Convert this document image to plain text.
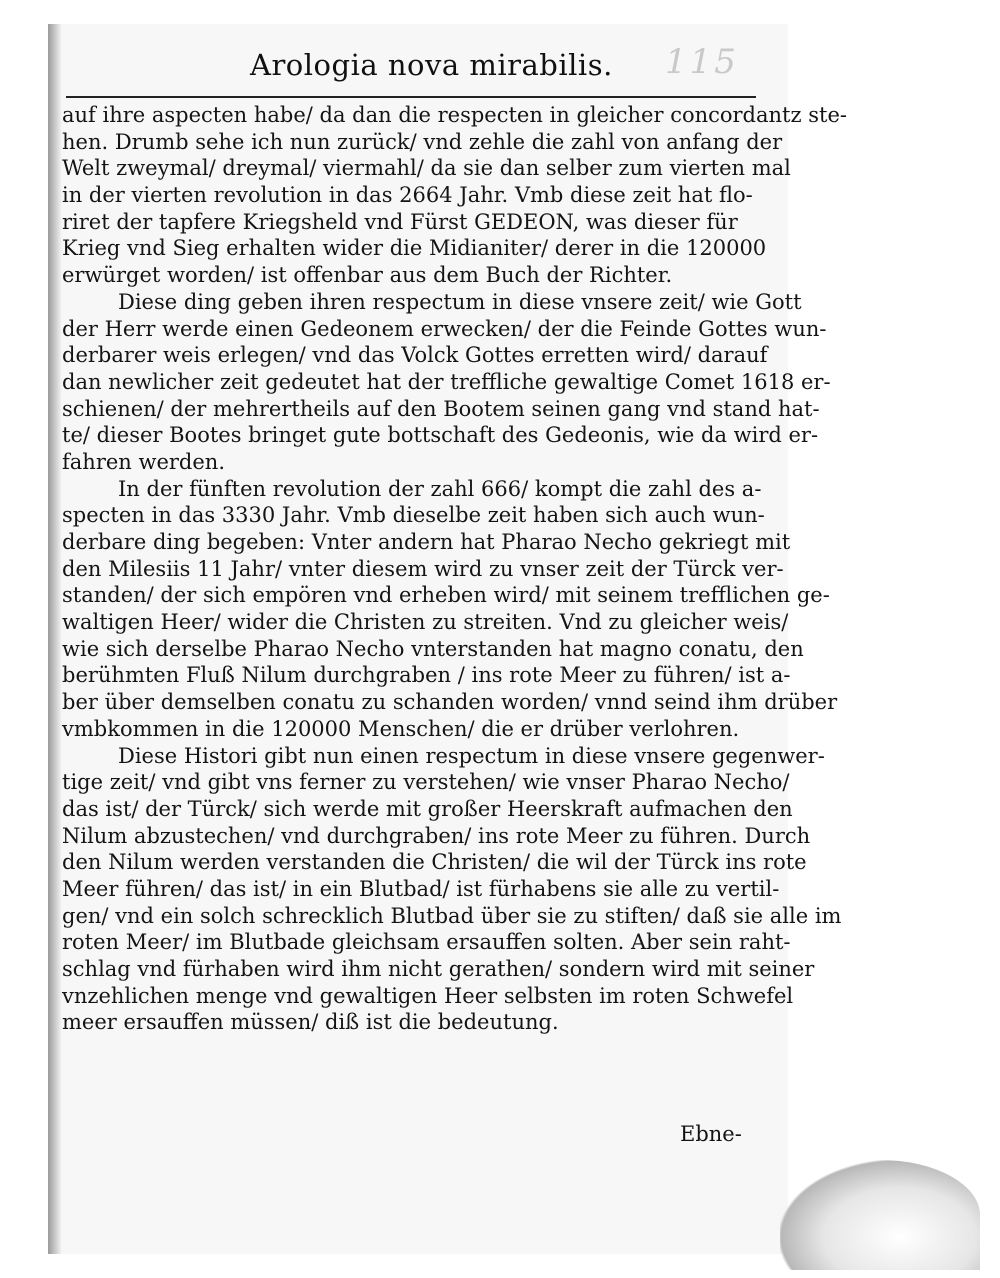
Arologia nova mirabilis. 115
auf ihre aspecten habe/ da dan die respecten in gleicher concordantz ste-
hen. Drumb sehe ich nun zurück/ vnd zehle die zahl von anfang der
Welt zweymal/ dreymal/ viermahl/ da sie dan selber zum vierten mal
in der vierten revolution in das 2664 Jahr. Vmb diese zeit hat flo-
riret der tapfere Kriegsheld vnd Fürst GEDEON, was dieser für
Krieg vnd Sieg erhalten wider die Midianiter/ derer in die 120000
erwürget worden/ ist offenbar aus dem Buch der Richter.
Diese ding geben ihren respectum in diese vnsere zeit/ wie Gott
der Herr werde einen Gedeonem erwecken/ der die Feinde Gottes wun-
derbarer weis erlegen/ vnd das Volck Gottes erretten wird/ darauf
dan newlicher zeit gedeutet hat der treffliche gewaltige Comet 1618 er-
schienen/ der mehrertheils auf den Bootem seinen gang vnd stand hat-
te/ dieser Bootes bringet gute bottschaft des Gedeonis, wie da wird er-
fahren werden.
In der fünften revolution der zahl 666/ kompt die zahl des a-
specten in das 3330 Jahr. Vmb dieselbe zeit haben sich auch wun-
derbare ding begeben: Vnter andern hat Pharao Necho gekriegt mit
den Milesiis 11 Jahr/ vnter diesem wird zu vnser zeit der Türck ver-
standen/ der sich empören vnd erheben wird/ mit seinem trefflichen ge-
waltigen Heer/ wider die Christen zu streiten. Vnd zu gleicher weis/
wie sich derselbe Pharao Necho vnterstanden hat magno conatu, den
berühmten Fluß Nilum durchgraben / ins rote Meer zu führen/ ist a-
ber über demselben conatu zu schanden worden/ vnnd seind ihm drüber
vmbkommen in die 120000 Menschen/ die er drüber verlohren.
Diese Histori gibt nun einen respectum in diese vnsere gegenwer-
tige zeit/ vnd gibt vns ferner zu verstehen/ wie vnser Pharao Necho/
das ist/ der Türck/ sich werde mit großer Heerskraft aufmachen den
Nilum abzustechen/ vnd durchgraben/ ins rote Meer zu führen. Durch
den Nilum werden verstanden die Christen/ die wil der Türck ins rote
Meer führen/ das ist/ in ein Blutbad/ ist fürhabens sie alle zu vertil-
gen/ vnd ein solch schrecklich Blutbad über sie zu stiften/ daß sie alle im
roten Meer/ im Blutbade gleichsam ersauffen solten. Aber sein raht-
schlag vnd fürhaben wird ihm nicht gerathen/ sondern wird mit seiner
vnzehlichen menge vnd gewaltigen Heer selbsten im roten Schwefel
meer ersauffen müssen/ diß ist die bedeutung.
Ebne-
